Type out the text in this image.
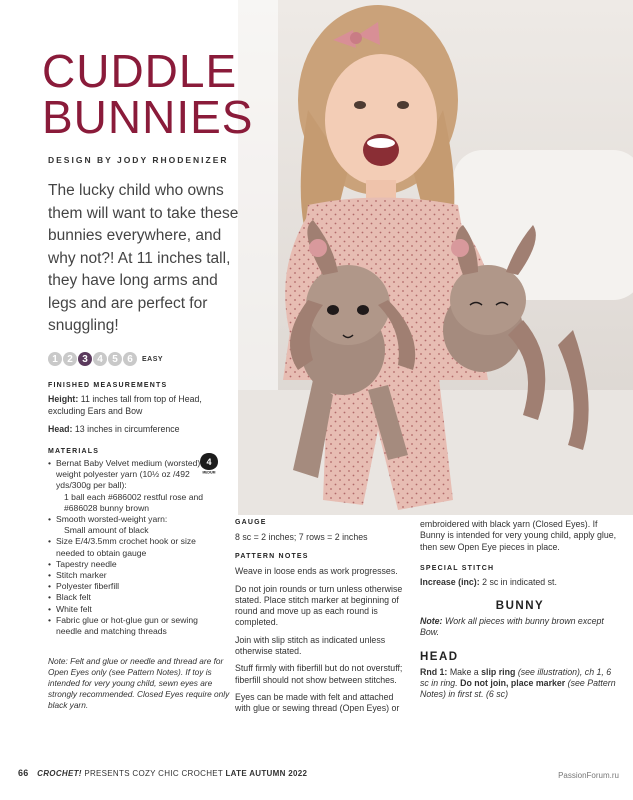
CUDDLE
BUNNIES
DESIGN BY JODY RHODENIZER

The lucky child who owns them will want to take these bunnies everywhere, and why not?! At 11 inches tall, they have long arms and legs and are perfect for snuggling!

1 2 3 4 5 6	EASY
FINISHED MEASUREMENTS

Height: 11 inches tall from top of Head, excluding Ears and Bow

Head: 13 inches in circumference

MATERIALS
4
MEDIUM
• Bernat Baby Velvet medium (worsted) weight polyester yarn (10½ oz /492 yds/300g per ball):
1 ball each #686002 restful rose and #686028 bunny brown
• Smooth worsted-weight yarn:
Small amount of black
• Size E/4/3.5mm crochet hook or size needed to obtain gauge
• Tapestry needle
• Stitch marker
• Polyester fiberfill
• Black felt
• White felt
• Fabric glue or hot-glue gun or sewing needle and matching threads

Note: Felt and glue or needle and thread are for Open Eyes only (see Pattern Notes). If toy is intended for very young child, sewn eyes are strongly recommended. Closed Eyes require only black yarn.

GAUGE

8 sc = 2 inches; 7 rows = 2 inches

PATTERN NOTES

Weave in loose ends as work progresses.

Do not join rounds or turn unless otherwise stated. Place stitch marker at beginning of round and move up as each round is completed.

Join with slip stitch as indicated unless otherwise stated.

Stuff firmly with fiberfill but do not overstuff; fiberfill should not show between stitches.

Eyes can be made with felt and attached with glue or sewing thread (Open Eyes) or

embroidered with black yarn (Closed Eyes). If Bunny is intended for very young child, apply glue, then sew Open Eye pieces in place.

SPECIAL STITCH

Increase (inc): 2 sc in indicated st.

BUNNY

Note: Work all pieces with bunny brown except Bow.

HEAD

Rnd 1: Make a slip ring (see illustration), ch 1, 6 sc in ring. Do not join, place marker (see Pattern Notes) in first st. (6 sc)

66 CROCHET! PRESENTS COZY CHIC CROCHET LATE AUTUMN 2022	PassionForum.ru
